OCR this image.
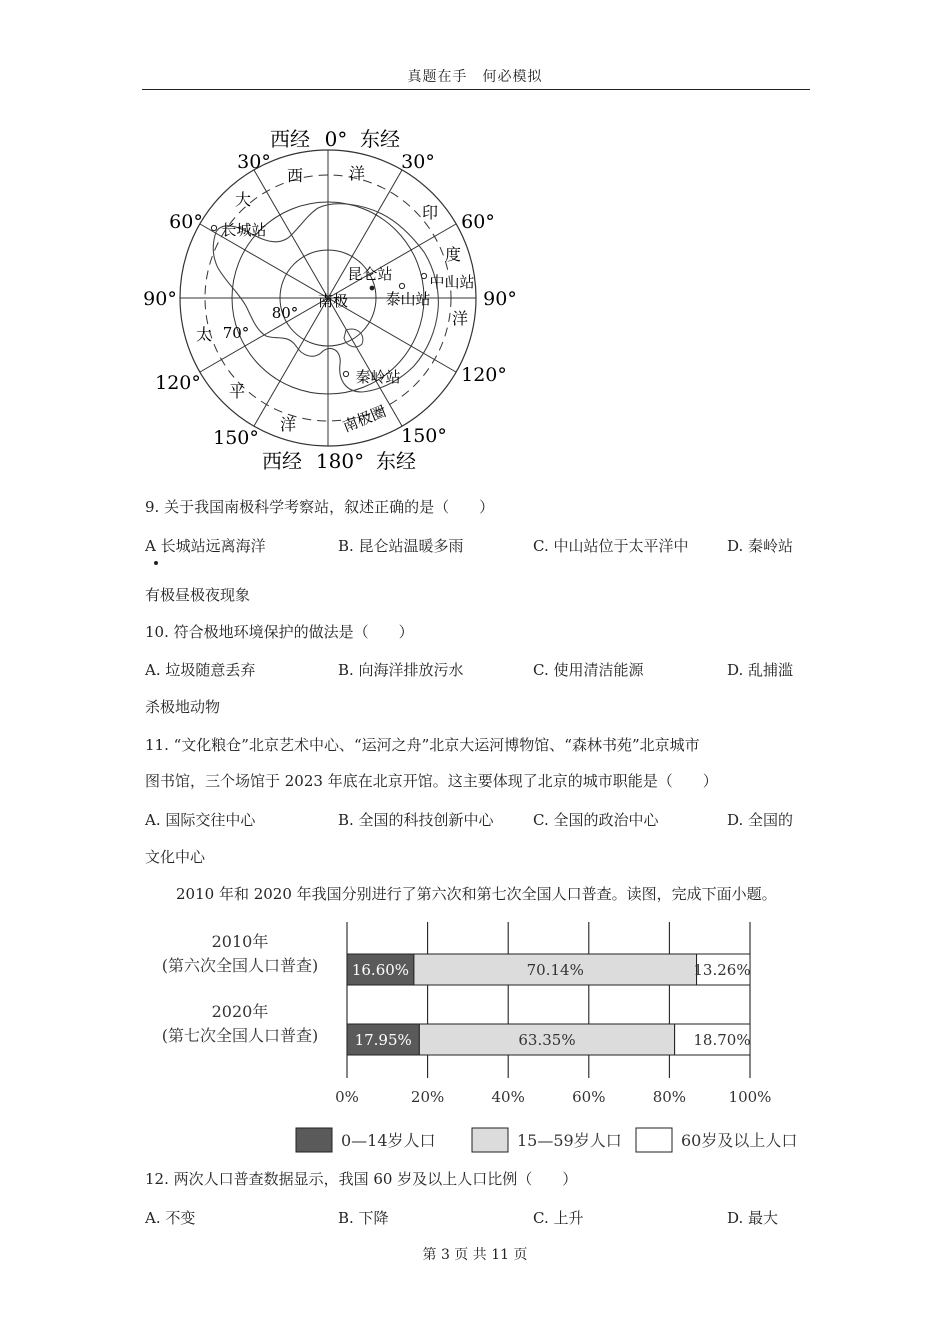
真题在手　何必模拟
西经 0° 东经
西经 180° 东经
30°	30°
60°	60°
90°	90°
120°	120°
150°	150°
70°
80°
西	洋
大
印
度
洋
太
平
洋
南极
长城站
昆仑站 中山站
泰山站
秦岭站
南极圈
9. 关于我国南极科学考察站，叙述正确的是（　　）
A 长城站远离海洋	B. 昆仑站温暖多雨	C. 中山站位于太平洋中	D. 秦岭站
有极昼极夜现象
10. 符合极地环境保护的做法是（　　）
A. 垃圾随意丢弃	B. 向海洋排放污水	C. 使用清洁能源	D. 乱捕滥
杀极地动物
11. “文化粮仓”北京艺术中心、“运河之舟”北京大运河博物馆、“森林书苑”北京城市
图书馆，三个场馆于 2023 年底在北京开馆。这主要体现了北京的城市职能是（　　）
A. 国际交往中心	B. 全国的科技创新中心	C. 全国的政治中心	D. 全国的
文化中心
2010 年和 2020 年我国分别进行了第六次和第七次全国人口普查。读图，完成下面小题。
0%	20%	40%	60%	80%	100%
16.60%	70.14%	13.26%
2010年
(第六次全国人口普查)
17.95%	63.35%	18.70%
2020年
(第七次全国人口普查)
0—14岁人口	15—59岁人口	60岁及以上人口
12. 两次人口普查数据显示，我国 60 岁及以上人口比例（　　）
A. 不变	B. 下降	C. 上升	D. 最大
第 3 页 共 11 页
